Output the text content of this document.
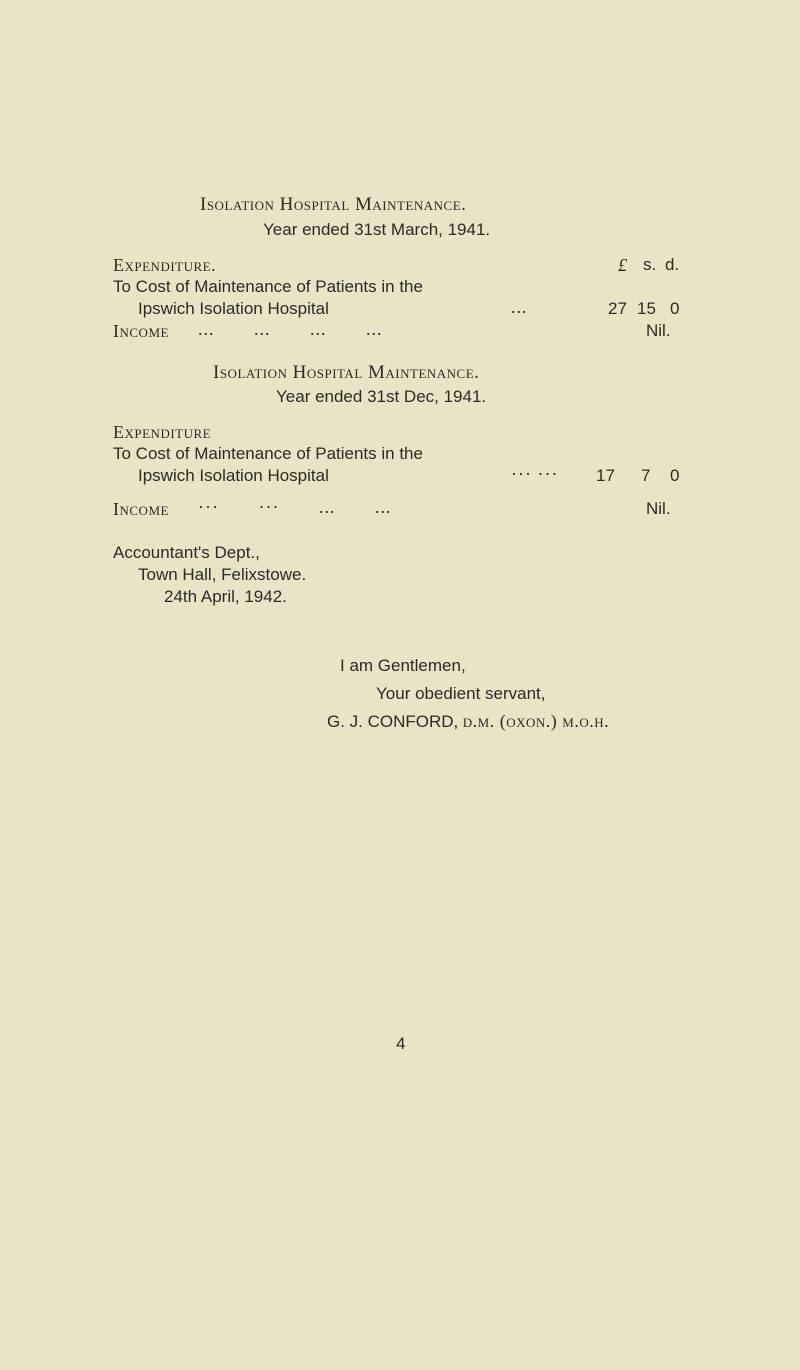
Isolation Hospital Maintenance.
Year ended 31st March, 1941.
Expenditure.	£ s. d.
To Cost of Maintenance of Patients in the
Ipswich Isolation Hospital	...	27 15 0
Income ... ... ... ...	Nil.
Isolation Hospital Maintenance.
Year ended 31st Dec, 1941.
Expenditure
To Cost of Maintenance of Patients in the
Ipswich Isolation Hospital	··· ··· 17 7 0
Income ··· ··· ... ...	Nil.
Accountant's Dept.,
Town Hall, Felixstowe.
24th April, 1942.
I am Gentlemen,
Your obedient servant,
G. J. CONFORD, d.m. (oxon.) m.o.h.
4
